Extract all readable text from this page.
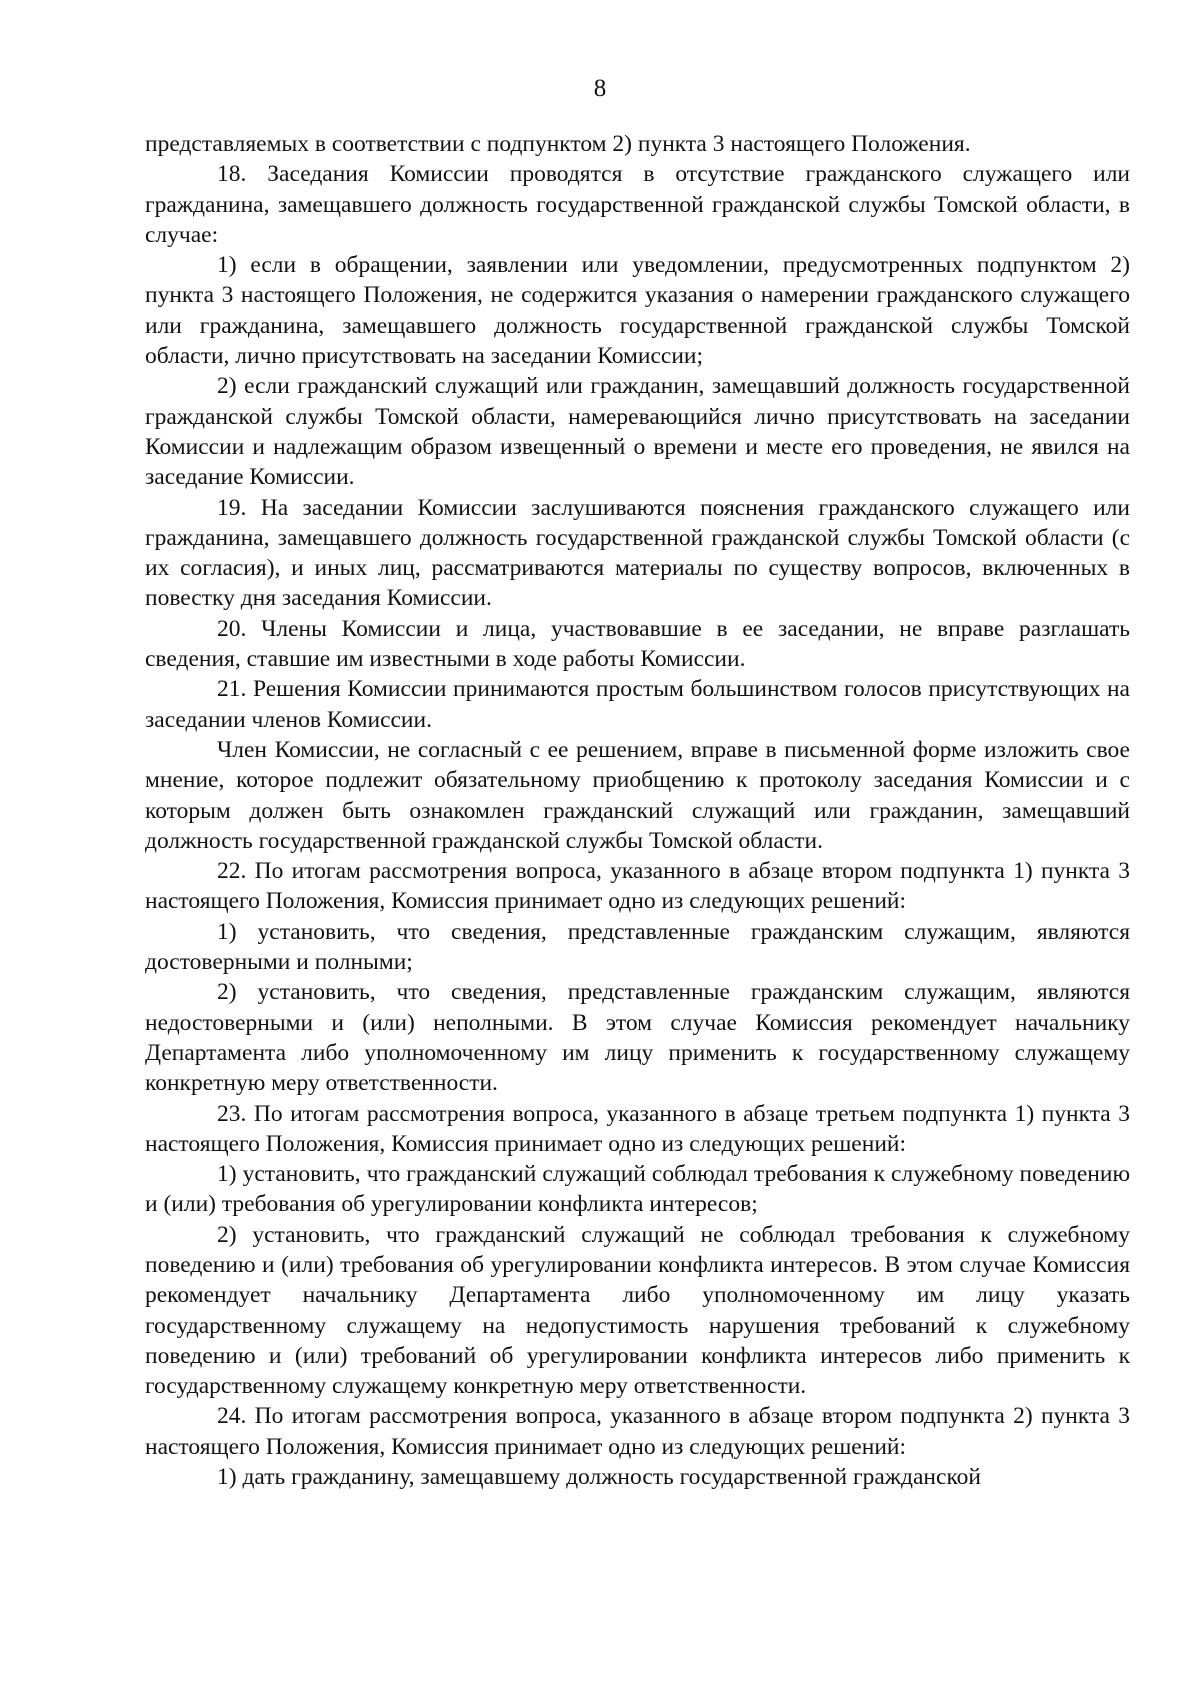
8

представляемых в соответствии с подпунктом 2) пункта 3 настоящего Положения.

18. Заседания Комиссии проводятся в отсутствие гражданского служащего или гражданина, замещавшего должность государственной гражданской службы Томской области, в случае:

1) если в обращении, заявлении или уведомлении, предусмотренных подпунктом 2) пункта 3 настоящего Положения, не содержится указания о намерении гражданского служащего или гражданина, замещавшего должность государственной гражданской службы Томской области, лично присутствовать на заседании Комиссии;

2) если гражданский служащий или гражданин, замещавший должность государственной гражданской службы Томской области, намеревающийся лично присутствовать на заседании Комиссии и надлежащим образом извещенный о времени и месте его проведения, не явился на заседание Комиссии.

19. На заседании Комиссии заслушиваются пояснения гражданского служащего или гражданина, замещавшего должность государственной гражданской службы Томской области (с их согласия), и иных лиц, рассматриваются материалы по существу вопросов, включенных в повестку дня заседания Комиссии.

20. Члены Комиссии и лица, участвовавшие в ее заседании, не вправе разглашать сведения, ставшие им известными в ходе работы Комиссии.

21. Решения Комиссии принимаются простым большинством голосов присутствующих на заседании членов Комиссии.

Член Комиссии, не согласный с ее решением, вправе в письменной форме изложить свое мнение, которое подлежит обязательному приобщению к протоколу заседания Комиссии и с которым должен быть ознакомлен гражданский служащий или гражданин, замещавший должность государственной гражданской службы Томской области.

22. По итогам рассмотрения вопроса, указанного в абзаце втором подпункта 1) пункта 3 настоящего Положения, Комиссия принимает одно из следующих решений:

1) установить, что сведения, представленные гражданским служащим, являются достоверными и полными;

2) установить, что сведения, представленные гражданским служащим, являются недостоверными и (или) неполными. В этом случае Комиссия рекомендует начальнику Департамента либо уполномоченному им лицу применить к государственному служащему конкретную меру ответственности.

23. По итогам рассмотрения вопроса, указанного в абзаце третьем подпункта 1) пункта 3 настоящего Положения, Комиссия принимает одно из следующих решений:

1) установить, что гражданский служащий соблюдал требования к служебному поведению и (или) требования об урегулировании конфликта интересов;

2) установить, что гражданский служащий не соблюдал требования к служебному поведению и (или) требования об урегулировании конфликта интересов. В этом случае Комиссия рекомендует начальнику Департамента либо уполномоченному им лицу указать государственному служащему на недопустимость нарушения требований к служебному поведению и (или) требований об урегулировании конфликта интересов либо применить к государственному служащему конкретную меру ответственности.

24. По итогам рассмотрения вопроса, указанного в абзаце втором подпункта 2) пункта 3 настоящего Положения, Комиссия принимает одно из следующих решений:

1) дать гражданину, замещавшему должность государственной гражданской
